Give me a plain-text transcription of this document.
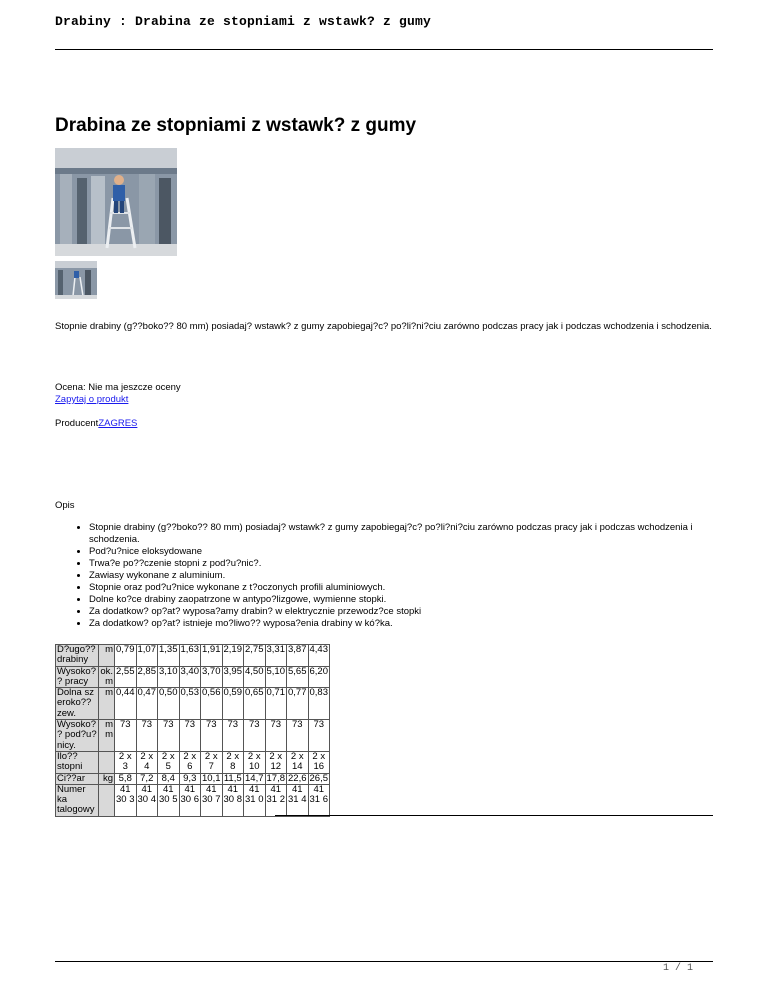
Drabiny : Drabina ze stopniami z wstawk? z gumy
Drabina ze stopniami z wstawk? z gumy
Stopnie drabiny (g??boko?? 80 mm) posiadaj? wstawk? z gumy zapobiegaj?c? po?li?ni?ciu zarówno podczas pracy jak i podczas wchodzenia i schodzenia.
Ocena: Nie ma jeszcze oceny
Zapytaj o produkt
ProducentZAGRES
Opis
• Stopnie drabiny (g??boko?? 80 mm) posiadaj? wstawk? z gumy zapobiegaj?c? po?li?ni?ciu zarówno podczas pracy jak i podczas wchodzenia i schodzenia.
• Pod?u?nice eloksydowane
• Trwa?e po??czenie stopni z pod?u?nic?.
• Zawiasy wykonane z aluminium.
• Stopnie oraz pod?u?nice wykonane z t?oczonych profili aluminiowych.
• Dolne ko?ce drabiny zaopatrzone w antypo?lizgowe, wymienne stopki.
• Za dodatkow? op?at? wyposa?amy drabin? w elektrycznie przewodz?ce stopki
• Za dodatkow? op?at? istnieje mo?liwo?? wyposa?enia drabiny w kó?ka.
D?ugo?? drabiny	m	0,79	1,07	1,35	1,63	1,91	2,19	2,75	3,31	3,87	4,43
Wysoko? ? pracy	ok. m	2,55	2,85	3,10	3,40	3,70	3,95	4,50	5,10	5,65	6,20
Dolna sz eroko?? zew.	m	0,44	0,47	0,50	0,53	0,56	0,59	0,65	0,71	0,77	0,83
Wysoko? ? pod?u? nicy.	m m	73	73	73	73	73	73	73	73	73	73
Ilo?? stopni		2 x 3	2 x 4	2 x 5	2 x 6	2 x 7	2 x 8	2 x 10	2 x 12	2 x 14	2 x 16
Ci??ar	kg	5,8	7,2	8,4	9,3	10,1	11,5	14,7	17,8	22,6	26,5
Numer ka talogowy		41 30 3	41 30 4	41 30 5	41 30 6	41 30 7	41 30 8	41 31 0	41 31 2	41 31 4	41 31 6
1 / 1
